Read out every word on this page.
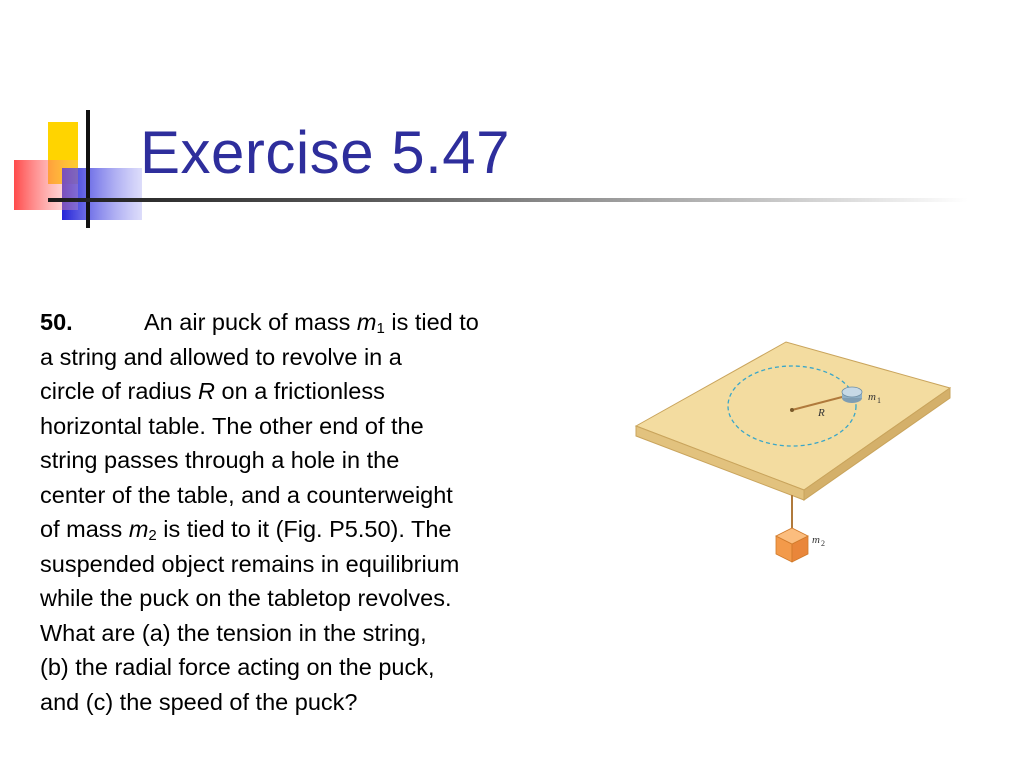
Exercise 5.47
50.	An air puck of mass $m_1$ is tied to
a string and allowed to revolve in a
circle of radius R on a frictionless
horizontal table. The other end of the
string passes through a hole in the
center of the table, and a counterweight
of mass $m_2$ is tied to it (Fig. P5.50). The
suspended object remains in equilibrium
while the puck on the tabletop revolves.
What are (a) the tension in the string,
(b) the radial force acting on the puck,
and (c) the speed of the puck?
R
m 1
m 2
